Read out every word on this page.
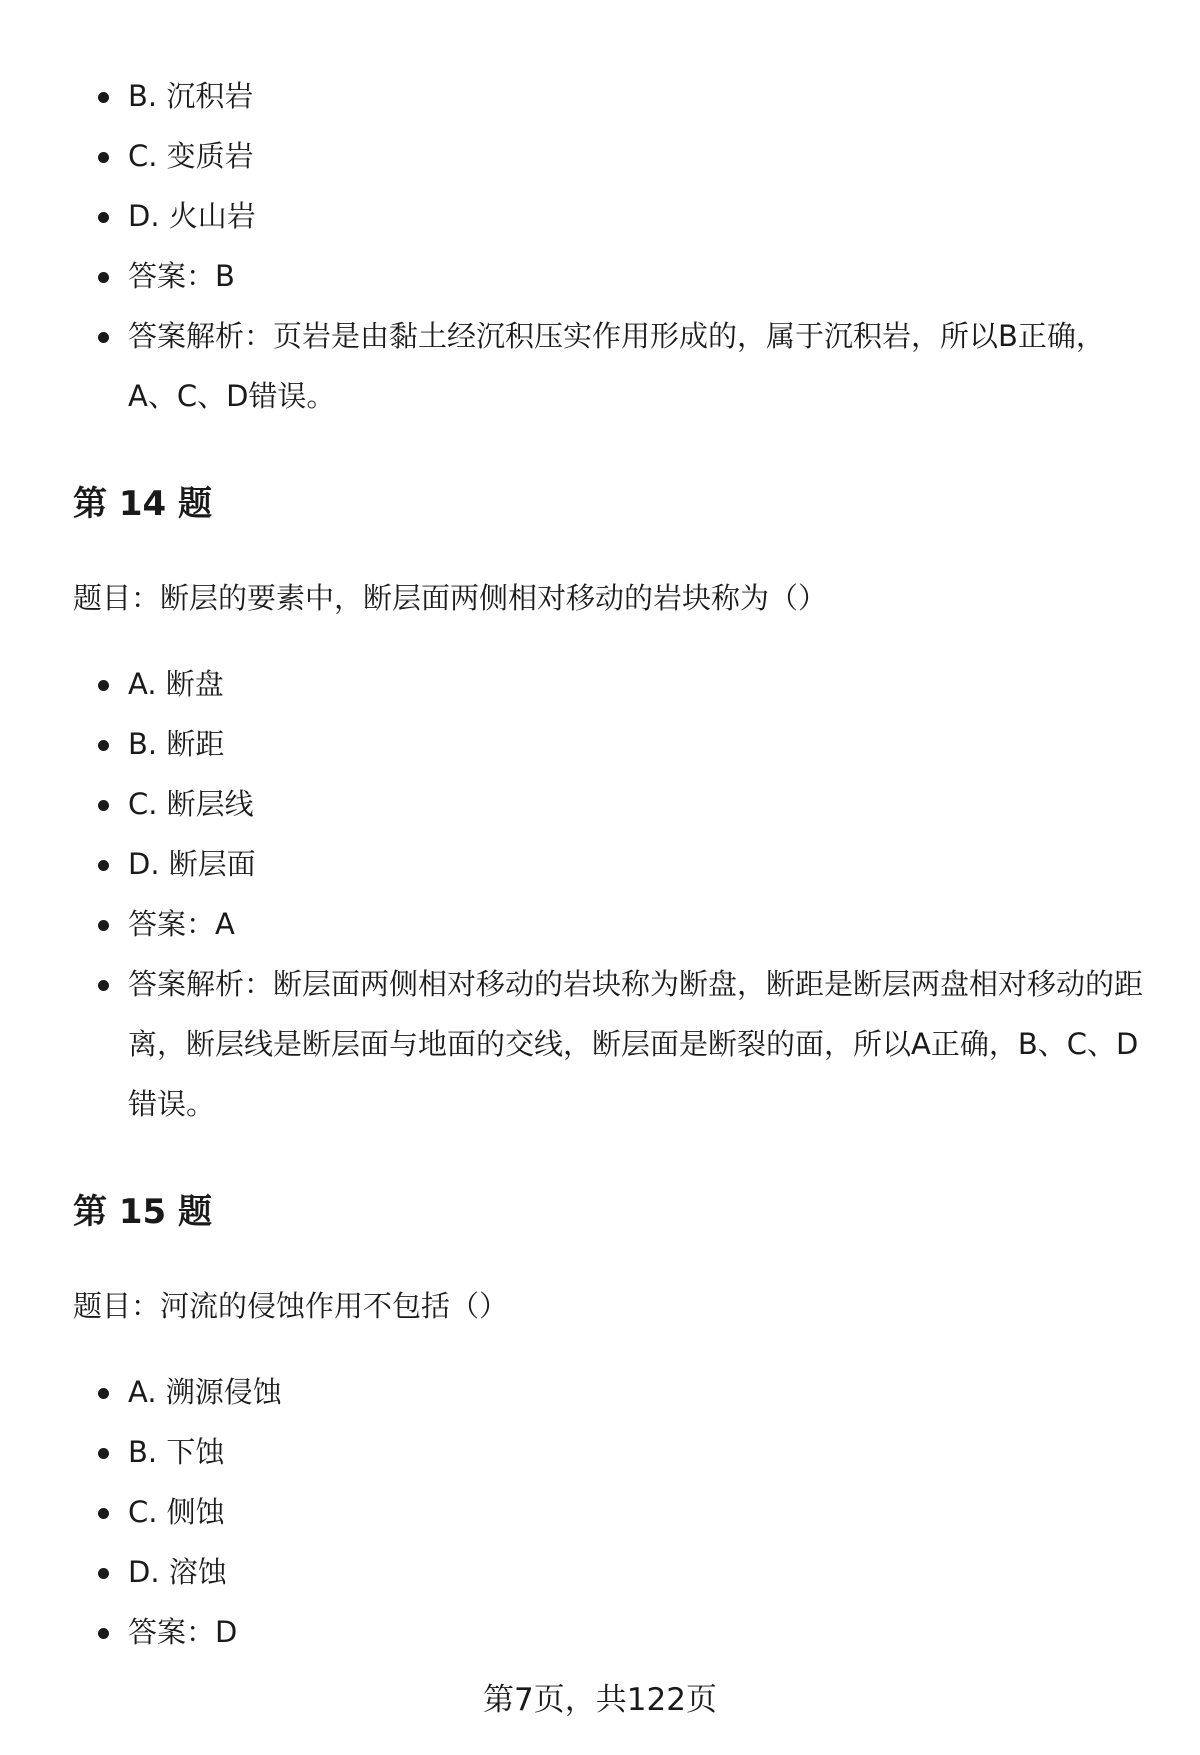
B. 沉积岩
C. 变质岩
D. 火山岩
答案：B
答案解析：页岩是由黏土经沉积压实作用形成的，属于沉积岩，所以B正确，A、C、D错误。
第 14 题

题目：断层的要素中，断层面两侧相对移动的岩块称为（）

A. 断盘
B. 断距
C. 断层线
D. 断层面
答案：A
答案解析：断层面两侧相对移动的岩块称为断盘，断距是断层两盘相对移动的距离，断层线是断层面与地面的交线，断层面是断裂的面，所以A正确，B、C、D错误。
第 15 题

题目：河流的侵蚀作用不包括（）

A. 溯源侵蚀
B. 下蚀
C. 侧蚀
D. 溶蚀
答案：D
第7页，共122页
